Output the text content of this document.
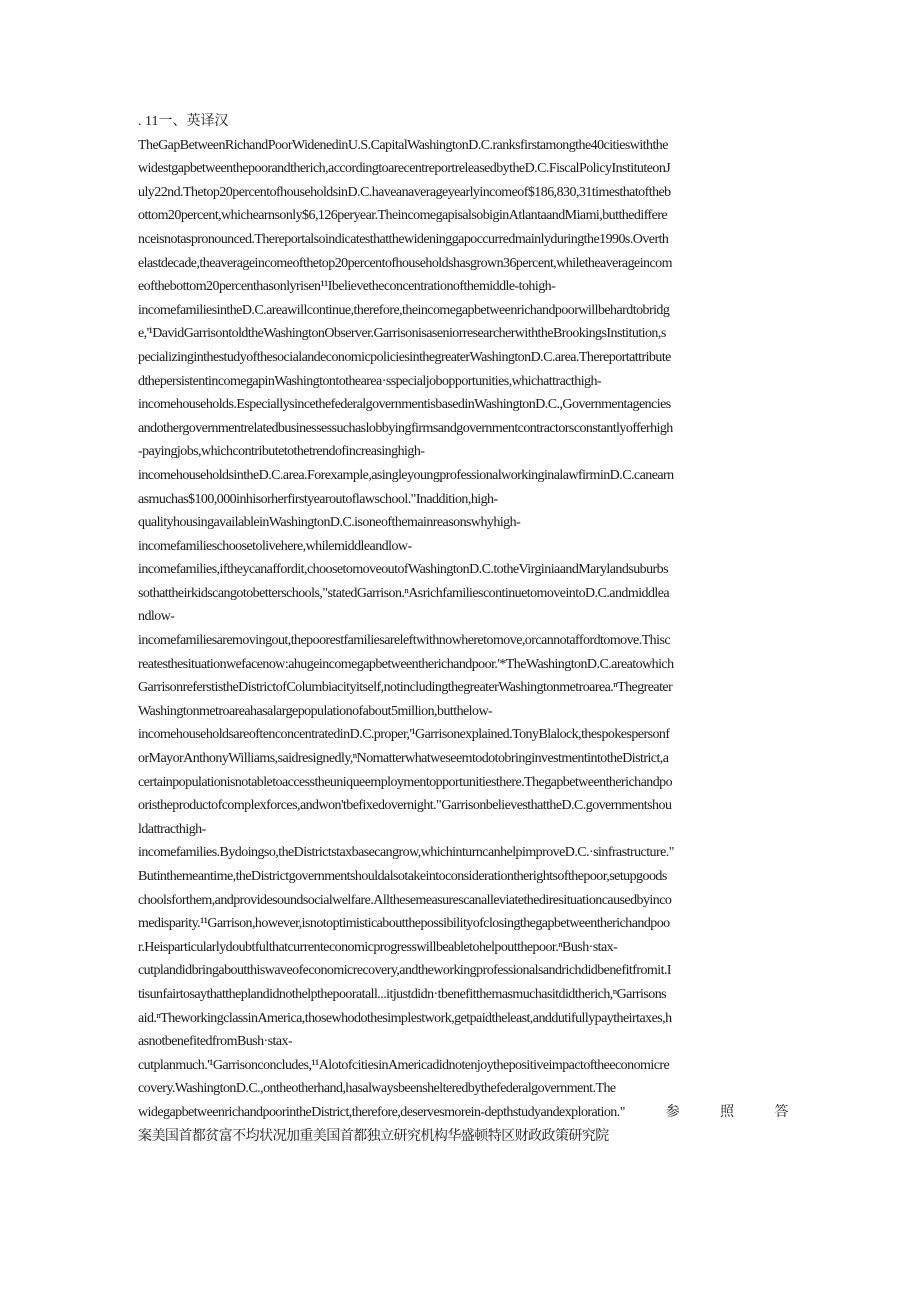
. 11一、英译汉
TheGapBetweenRichandPoorWidenedinU.S.CapitalWashingtonD.C.ranksfirstamongthe40citieswiththe
widestgapbetweenthepoorandtherich,accordingtoarecentreportreleasedbytheD.C.FiscalPolicyInstituteonJ
uly22nd.Thetop20percentofhouseholdsinD.C.haveanaverageyearlyincomeof$186,830,31timesthatoftheb
ottom20percent,whichearnsonly$6,126peryear.TheincomegapisalsobiginAtlantaandMiami,butthediffere
nceisnotaspronounced.Thereportalsoindicatesthatthewideninggapoccurredmainlyduringthe1990s.Overth
elastdecade,theaverageincomeofthetop20percentofhouseholdshasgrown36percent,whiletheaverageincom
eofthebottom20percenthasonlyrisen¹¹Ibelievetheconcentrationofthemiddle-tohigh-
incomefamiliesintheD.C.areawillcontinue,therefore,theincomegapbetweenrichandpoorwillbehardtobridg
e,'¹DavidGarrisontoldtheWashingtonObserver.GarrisonisaseniorresearcherwiththeBrookingsInstitution,s
pecializinginthestudyofthesocialandeconomicpoliciesinthegreaterWashingtonD.C.area.Thereportattribute
dthepersistentincomegapinWashingtontothearea·sspecialjobopportunities,whichattracthigh-
incomehouseholds.EspeciallysincethefederalgovernmentisbasedinWashingtonD.C.,Governmentagencies
andothergovernmentrelatedbusinessessuchaslobbyingfirmsandgovernmentcontractorsconstantlyofferhigh
-payingjobs,whichcontributetothetrendofincreasinghigh-
incomehouseholdsintheD.C.area.Forexample,asingleyoungprofessionalworkinginalawfirminD.C.canearn
asmuchas$100,000inhisorherfirstyearoutoflawschool."Inaddition,high-
quality​housingavailableinWashingtonD.C.isoneofthemainreasonswhyhigh-
incomefamilieschoosetolivehere,whilemiddleandlow-
incomefamilies,iftheycanaffordit,choosetomoveoutofWashingtonD.C.totheVirginiaandMarylandsuburbs
sothattheirkidscangotobetterschools,"statedGarrison.ⁿAsrichfamiliescontinuetomoveintoD.C.andmiddlea
ndlow-
incomefamiliesaremovingout,thepoorestfamiliesareleftwithnowheretomove,orcannotaffordtomove.Thisc
reatesthesituationwefacenow:ahugeincomegapbetweentherichandpoor.'*TheWashingtonD.C.areatowhich
GarrisonreferstistheDistrictofColumbiacityitself,notincludingthegreaterWashingtonmetroarea.ⁿThegreater
Washingtonmetroareahasalargepopulationofabout5million,butthelow-
incomehouseholdsareoftenconcentratedinD.C.proper,'¹Garrisonexplained.TonyBlalock,thespokespersonf
orMayorAnthonyWilliams,saidresignedly,ⁿNomatterwhatweseemtodotobringinvestmentintotheDistrict,a
certainpopulationisnotabletoaccesstheuniqueemploymentopportunitiesthere.Thegapbetweentherichandpo
oristheproductofcomplexforces,andwon'tbefixedovernight."GarrisonbelievesthattheD.C.governmentshou
ldattracthigh-
incomefamilies.Bydoingso,theDistrictstaxbasecangrow,whichinturncanhelpimproveD.C.·sinfrastructure."
Butinthemeantime,theDistrictgovernmentshouldalsotakeintoconsiderationtherightsofthepoor,setupgoods
choolsforthem,andprovidesoundsocialwelfare.Allthesemeasurescanalleviatethediresituationcausedbyinco
medisparity.¹¹Garrison,however,isnotoptimisticaboutthepossibilityofclosingthegapbetweentherichandpoo
r.Heisparticularlydoubtfulthatcurrenteconomicprogresswillbeabletohelpoutthepoor.ⁿBush·stax-
cutplandidbringaboutthiswaveofeconomicrecovery,andtheworkingprofessionalsandrichdidbenefitfromit.I
tisunfairtosaythattheplandidnothelpthepooratall...itjustdidn·tbenefitthemasmuchasitdidtherich,ⁿGarrisons
aid.ⁿTheworkingclassinAmerica,thosewhodothesimplestwork,getpaidtheleast,anddutifullypaytheirtaxes,h
asnotbenefitedfromBush·stax-
cutplanmuch.'¹Garrisonconcludes,¹¹AlotofcitiesinAmericadidnotenjoythepositiveimpactoftheeconomicre
covery.WashingtonD.C.,ontheotherhand,hasalwaysbeenshelteredbythefederalgovernment.The
widegapbetweenrichandpoorintheDistrict,therefore,deservesmorein-depthstudyandexploration."参照答
案美国首都贫富不均状况加重美国首都独立研究机构华盛顿特区财政政策研究院
